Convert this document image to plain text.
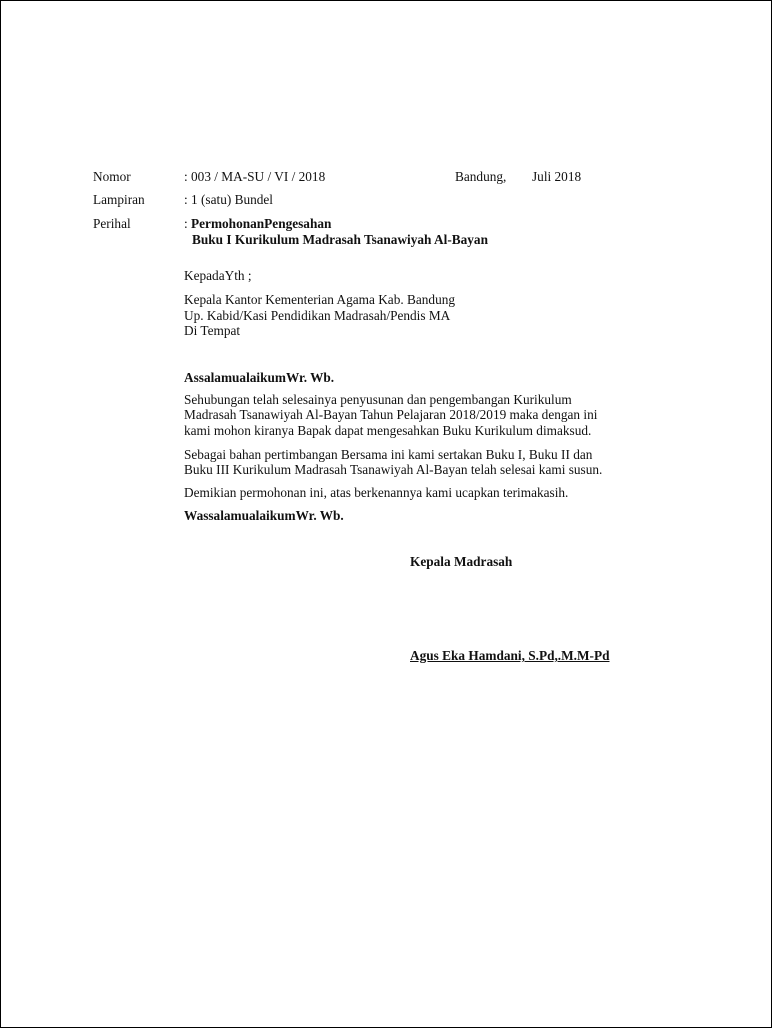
Nomor	: 003 / MA-SU / VI / 2018	Bandung, Juli 2018
Lampiran	: 1 (satu) Bundel
Perihal	: PermohonanPengesahan
Buku I Kurikulum Madrasah Tsanawiyah Al-Bayan
KepadaYth ;
Kepala Kantor Kementerian Agama Kab. Bandung
Up. Kabid/Kasi Pendidikan Madrasah/Pendis MA
Di Tempat
AssalamualaikumWr. Wb.
Sehubungan telah selesainya penyusunan dan pengembangan Kurikulum
Madrasah Tsanawiyah Al-Bayan Tahun Pelajaran 2018/2019 maka dengan ini
kami mohon kiranya Bapak dapat mengesahkan Buku Kurikulum dimaksud.
Sebagai bahan pertimbangan Bersama ini kami sertakan Buku I, Buku II dan
Buku III Kurikulum Madrasah Tsanawiyah Al-Bayan telah selesai kami susun.
Demikian permohonan ini, atas berkenannya kami ucapkan terimakasih.
WassalamualaikumWr. Wb.
Kepala Madrasah
Agus Eka Hamdani, S.Pd,.M.M-Pd
